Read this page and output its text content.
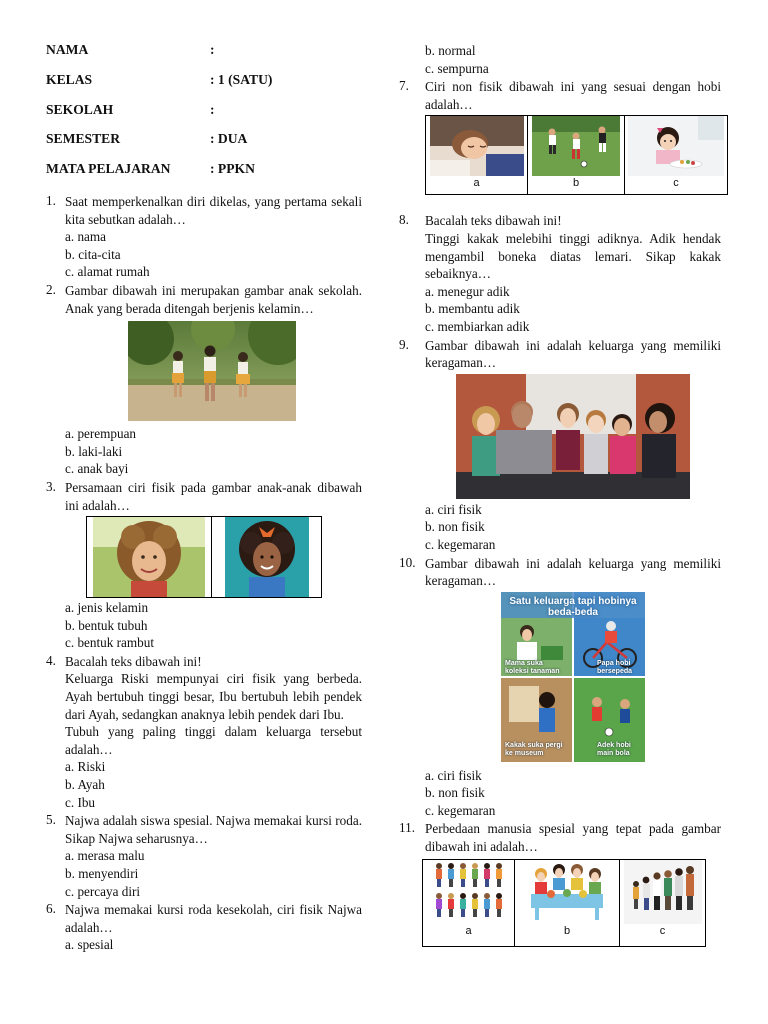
NAMA	:
KELAS	: 1 (SATU)
SEKOLAH	:
SEMESTER	: DUA
MATA PELAJARAN	: PPKN
1. Saat memperkenalkan diri dikelas, yang pertama sekali kita sebutkan adalah…
a. nama
b. cita-cita
c. alamat rumah
2. Gambar dibawah ini merupakan gambar anak sekolah. Anak yang berada ditengah berjenis kelamin…
a. perempuan
b. laki-laki
c. anak bayi
3. Persamaan ciri fisik pada gambar anak-anak dibawah ini adalah…
a. jenis kelamin
b. bentuk tubuh
c. bentuk rambut
4. Bacalah teks dibawah ini!
Keluarga Riski mempunyai ciri fisik yang berbeda. Ayah bertubuh tinggi besar, Ibu bertubuh lebih pendek dari Ayah, sedangkan anaknya lebih pendek dari Ibu.
Tubuh yang paling tinggi dalam keluarga tersebut adalah…
a. Riski
b. Ayah
c. Ibu
5. Najwa adalah siswa spesial. Najwa memakai kursi roda. Sikap Najwa seharusnya…
a. merasa malu
b. menyendiri
c. percaya diri
6. Najwa memakai kursi roda kesekolah, ciri fisik Najwa adalah…
a. spesial
b. normal
c. sempurna
7.	Ciri non fisik dibawah ini yang sesuai dengan hobi adalah…
a	b	c
8.	Bacalah teks dibawah ini!
Tinggi kakak melebihi tinggi adiknya. Adik hendak mengambil boneka diatas lemari. Sikap kakak sebaiknya…
a. menegur adik
b. membantu adik
c. membiarkan adik
9.	Gambar dibawah ini adalah keluarga yang memiliki keragaman…
a. ciri fisik
b. non fisik
c. kegemaran
10. Gambar dibawah ini adalah keluarga yang memiliki keragaman…
Satu keluarga tapi hobinya beda-beda
Mama suka koleksi tanaman
Papa hobi bersepeda
Kakak suka pergi ke museum
Adek hobi main bola
a. ciri fisik
b. non fisik
c. kegemaran
11. Perbedaan manusia spesial yang tepat pada gambar dibawah ini adalah…
a	b	c
